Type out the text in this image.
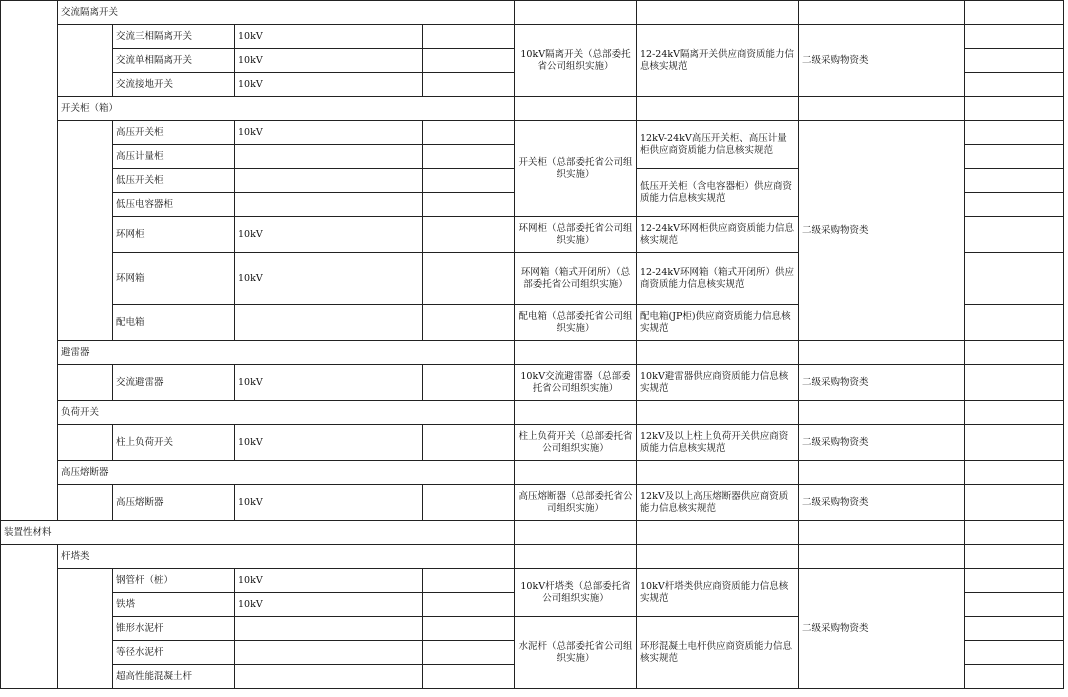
	交流隔离开关							
		交流三相隔离开关	10kV		10kV隔离开关（总部委托省公司组织实施）	12-24kV隔离开关供应商资质能力信息核实规范	二级采购物资类	
		交流单相隔离开关	10kV					
		交流接地开关	10kV					
	开关柜（箱）							
		高压开关柜	10kV		开关柜（总部委托省公司组织实施）	12kV-24kV高压开关柜、高压计量柜供应商资质能力信息核实规范	二级采购物资类	
		高压计量柜						
		低压开关柜				低压开关柜（含电容器柜）供应商资质能力信息核实规范		
		低压电容器柜						
		环网柜	10kV		环网柜（总部委托省公司组织实施）	12-24kV环网柜供应商资质能力信息核实规范		
		环网箱	10kV		环网箱（箱式开闭所）（总部委托省公司组织实施）	12-24kV环网箱（箱式开闭所）供应商资质能力信息核实规范		
		配电箱			配电箱（总部委托省公司组织实施）	配电箱(JP柜)供应商资质能力信息核实规范		
	避雷器							
		交流避雷器	10kV		10kV交流避雷器（总部委托省公司组织实施）	10kV避雷器供应商资质能力信息核实规范	二级采购物资类	
	负荷开关							
		柱上负荷开关	10kV		柱上负荷开关（总部委托省公司组织实施）	12kV及以上柱上负荷开关供应商资质能力信息核实规范	二级采购物资类	
	高压熔断器							
		高压熔断器	10kV		高压熔断器（总部委托省公司组织实施）	12kV及以上高压熔断器供应商资质能力信息核实规范	二级采购物资类	
装置性材料								
	杆塔类							
		钢管杆（桩）	10kV		10kV杆塔类（总部委托省公司组织实施）	10kV杆塔类供应商资质能力信息核实规范	二级采购物资类	
		铁塔	10kV					
		锥形水泥杆			水泥杆（总部委托省公司组织实施）	环形混凝土电杆供应商资质能力信息核实规范		
		等径水泥杆						
		超高性能混凝土杆						
